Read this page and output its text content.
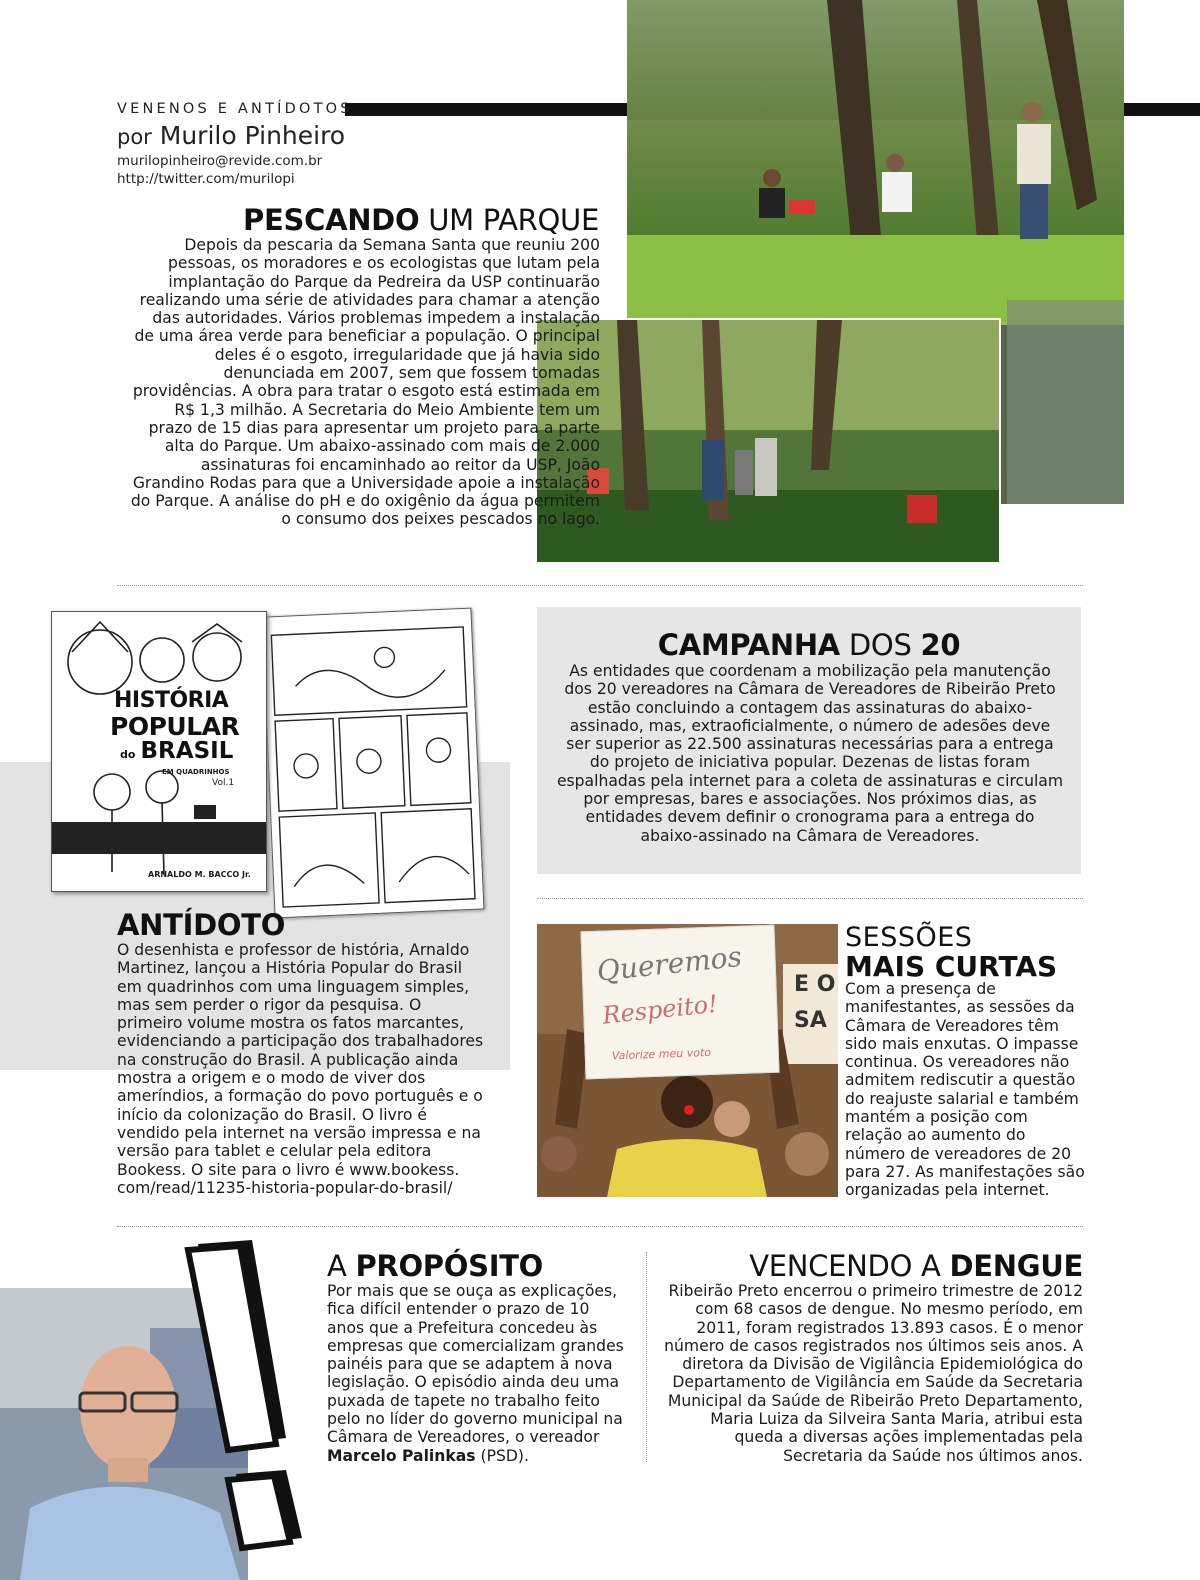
VENENOS E ANTÍDOTOS
por Murilo Pinheiro
murilopinheiro@revide.com.br
http://twitter.com/murilopi
PESCANDO UM PARQUE
Depois da pescaria da Semana Santa que reuniu 200 pessoas, os moradores e os ecologistas que lutam pela implantação do Parque da Pedreira da USP continuarão realizando uma série de atividades para chamar a atenção das autoridades. Vários problemas impedem a instalação de uma área verde para beneficiar a população. O principal deles é o esgoto, irregularidade que já havia sido denunciada em 2007, sem que fossem tomadas providências. A obra para tratar o esgoto está estimada em R$ 1,3 milhão. A Secretaria do Meio Ambiente tem um prazo de 15 dias para apresentar um projeto para a parte alta do Parque. Um abaixo-assinado com mais de 2.000 assinaturas foi encaminhado ao reitor da USP, João Grandino Rodas para que a Universidade apoie a instalação do Parque. A análise do pH e do oxigênio da água permitem o consumo dos peixes pescados no lago.
HISTÓRIA
POPULAR
do BRASIL
EM QUADRINHOS
Vol.1
ARNALDO M. BACCO Jr.
CAMPANHA DOS 20
As entidades que coordenam a mobilização pela manutenção dos 20 vereadores na Câmara de Vereadores de Ribeirão Preto estão concluindo a contagem das assinaturas do abaixo-assinado, mas, extraoficialmente, o número de adesões deve ser superior as 22.500 assinaturas necessárias para a entrega do projeto de iniciativa popular. Dezenas de listas foram espalhadas pela internet para a coleta de assinaturas e circulam por empresas, bares e associações. Nos próximos dias, as entidades devem definir o cronograma para a entrega do abaixo-assinado na Câmara de Vereadores.
ANTÍDOTO
O desenhista e professor de história, Arnaldo Martinez, lançou a História Popular do Brasil em quadrinhos com uma linguagem simples, mas sem perder o rigor da pesquisa. O primeiro volume mostra os fatos marcantes, evidenciando a participação dos trabalhadores na construção do Brasil. A publicação ainda mostra a origem e o modo de viver dos ameríndios, a formação do povo português e o início da colonização do Brasil. O livro é vendido pela internet na versão impressa e na versão para tablet e celular pela editora Bookess. O site para o livro é www.bookess. com/read/11235-historia-popular-do-brasil/
Queremos
Respeito!
Valorize meu voto
E O
SA
SESSÕES
MAIS CURTAS
Com a presença de manifestantes, as sessões da Câmara de Vereadores têm sido mais enxutas. O impasse continua. Os vereadores não admitem rediscutir a questão do reajuste salarial e também mantém a posição com relação ao aumento do número de vereadores de 20 para 27. As manifestações são organizadas pela internet.
A PROPÓSITO
Por mais que se ouça as explicações, fica difícil entender o prazo de 10 anos que a Prefeitura concedeu às empresas que comercializam grandes painéis para que se adaptem à nova legislação. O episódio ainda deu uma puxada de tapete no trabalho feito pelo no líder do governo municipal na Câmara de Vereadores, o vereador Marcelo Palinkas (PSD).
VENCENDO A DENGUE
Ribeirão Preto encerrou o primeiro trimestre de 2012 com 68 casos de dengue. No mesmo período, em 2011, foram registrados 13.893 casos. É o menor número de casos registrados nos últimos seis anos. A diretora da Divisão de Vigilância Epidemiológica do Departamento de Vigilância em Saúde da Secretaria Municipal da Saúde de Ribeirão Preto Departamento, Maria Luiza da Silveira Santa Maria, atribui esta queda a diversas ações implementadas pela Secretaria da Saúde nos últimos anos.
